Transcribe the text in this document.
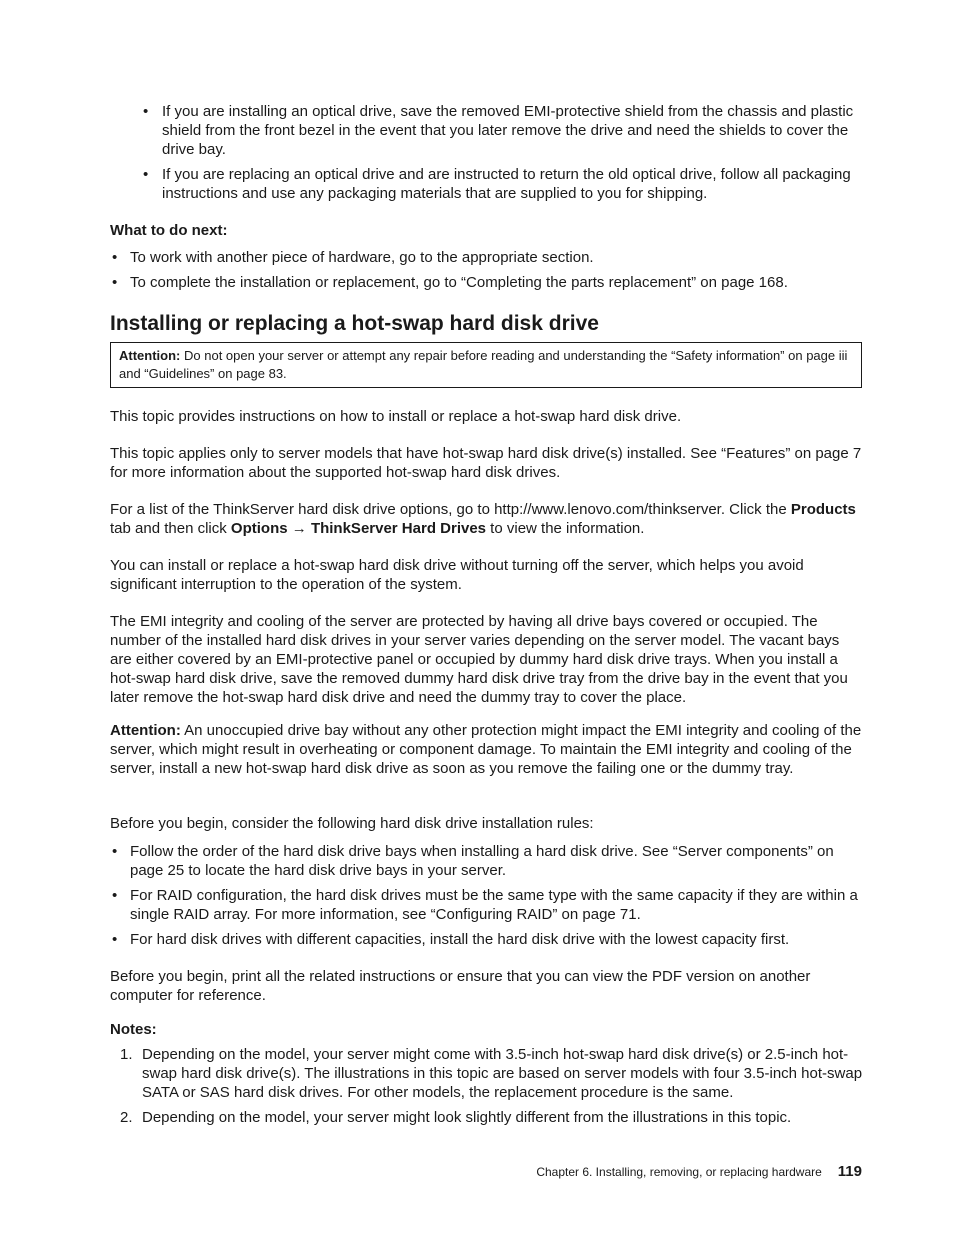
• If you are installing an optical drive, save the removed EMI-protective shield from the chassis and plastic shield from the front bezel in the event that you later remove the drive and need the shields to cover the drive bay.
• If you are replacing an optical drive and are instructed to return the old optical drive, follow all packaging instructions and use any packaging materials that are supplied to you for shipping.
What to do next:
• To work with another piece of hardware, go to the appropriate section.
• To complete the installation or replacement, go to “Completing the parts replacement” on page 168.
Installing or replacing a hot-swap hard disk drive
Attention: Do not open your server or attempt any repair before reading and understanding the “Safety information” on page iii and “Guidelines” on page 83.

This topic provides instructions on how to install or replace a hot-swap hard disk drive.

This topic applies only to server models that have hot-swap hard disk drive(s) installed. See “Features” on page 7 for more information about the supported hot-swap hard disk drives.

For a list of the ThinkServer hard disk drive options, go to http://www.lenovo.com/thinkserver. Click the Products tab and then click Options → ThinkServer Hard Drives to view the information.

You can install or replace a hot-swap hard disk drive without turning off the server, which helps you avoid significant interruption to the operation of the system.

The EMI integrity and cooling of the server are protected by having all drive bays covered or occupied. The number of the installed hard disk drives in your server varies depending on the server model. The vacant bays are either covered by an EMI-protective panel or occupied by dummy hard disk drive trays. When you install a hot-swap hard disk drive, save the removed dummy hard disk drive tray from the drive bay in the event that you later remove the hot-swap hard disk drive and need the dummy tray to cover the place.

Attention: An unoccupied drive bay without any other protection might impact the EMI integrity and cooling of the server, which might result in overheating or component damage. To maintain the EMI integrity and cooling of the server, install a new hot-swap hard disk drive as soon as you remove the failing one or the dummy tray.

Before you begin, consider the following hard disk drive installation rules:

• Follow the order of the hard disk drive bays when installing a hard disk drive. See “Server components” on page 25 to locate the hard disk drive bays in your server.
• For RAID configuration, the hard disk drives must be the same type with the same capacity if they are within a single RAID array. For more information, see “Configuring RAID” on page 71.
• For hard disk drives with different capacities, install the hard disk drive with the lowest capacity first.

Before you begin, print all the related instructions or ensure that you can view the PDF version on another computer for reference.

Notes:
1. Depending on the model, your server might come with 3.5-inch hot-swap hard disk drive(s) or 2.5-inch hot-swap hard disk drive(s). The illustrations in this topic are based on server models with four 3.5-inch hot-swap SATA or SAS hard disk drives. For other models, the replacement procedure is the same.
2. Depending on the model, your server might look slightly different from the illustrations in this topic.
Chapter 6. Installing, removing, or replacing hardware 119
